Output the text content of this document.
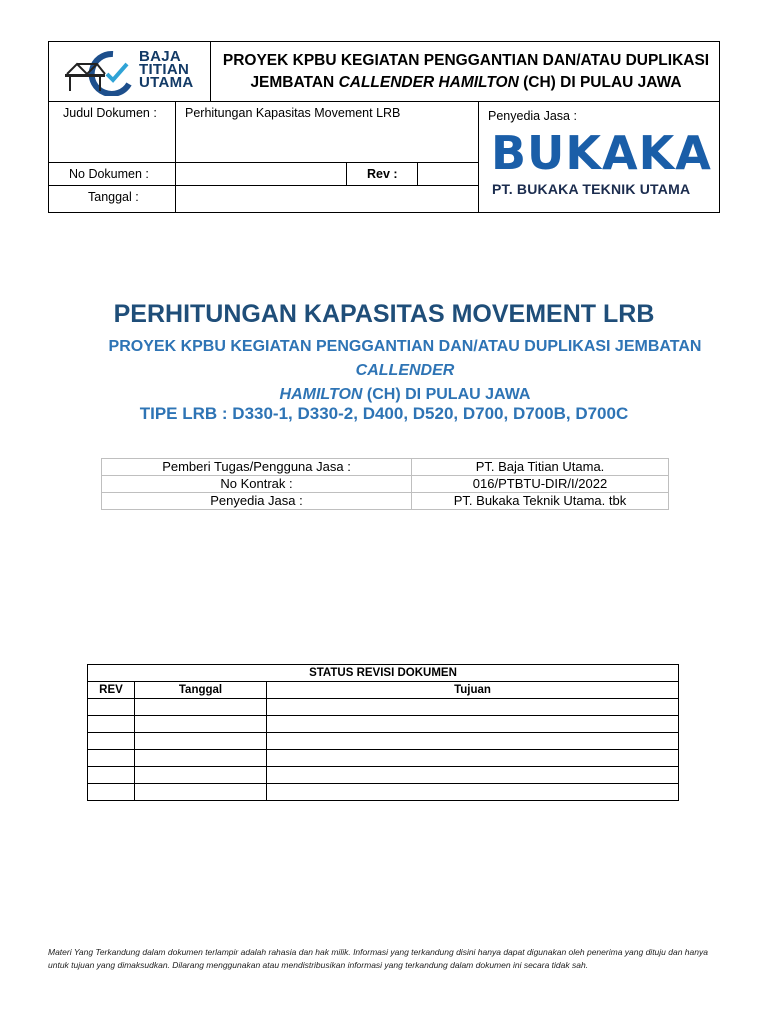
BAJA
TITIAN
UTAMA
PROYEK KPBU KEGIATAN PENGGANTIAN DAN/ATAU DUPLIKASI
JEMBATAN CALLENDER HAMILTON (CH) DI PULAU JAWA
Judul Dokumen : Perhitungan Kapasitas Movement LRB
No Dokumen :	Rev :
Tanggal :
Penyedia Jasa :
BUKAKA
PT. BUKAKA TEKNIK UTAMA
PERHITUNGAN KAPASITAS MOVEMENT LRB
PROYEK KPBU KEGIATAN PENGGANTIAN DAN/ATAU DUPLIKASI JEMBATAN CALLENDER
HAMILTON (CH) DI PULAU JAWA
TIPE LRB : D330-1, D330-2, D400, D520, D700, D700B, D700C
Pemberi Tugas/Pengguna Jasa :	PT. Baja Titian Utama.
No Kontrak :	016/PTBTU-DIR/I/2022
Penyedia Jasa :	PT. Bukaka Teknik Utama. tbk
STATUS REVISI DOKUMEN		
REV	Tanggal	Tujuan

Materi Yang Terkandung dalam dokumen terlampir adalah rahasia dan hak milik. Informasi yang terkandung disini hanya dapat digunakan oleh penerima yang dituju dan hanya untuk tujuan yang dimaksudkan. Dilarang menggunakan atau mendistribusikan informasi yang terkandung dalam dokumen ini secara tidak sah.
